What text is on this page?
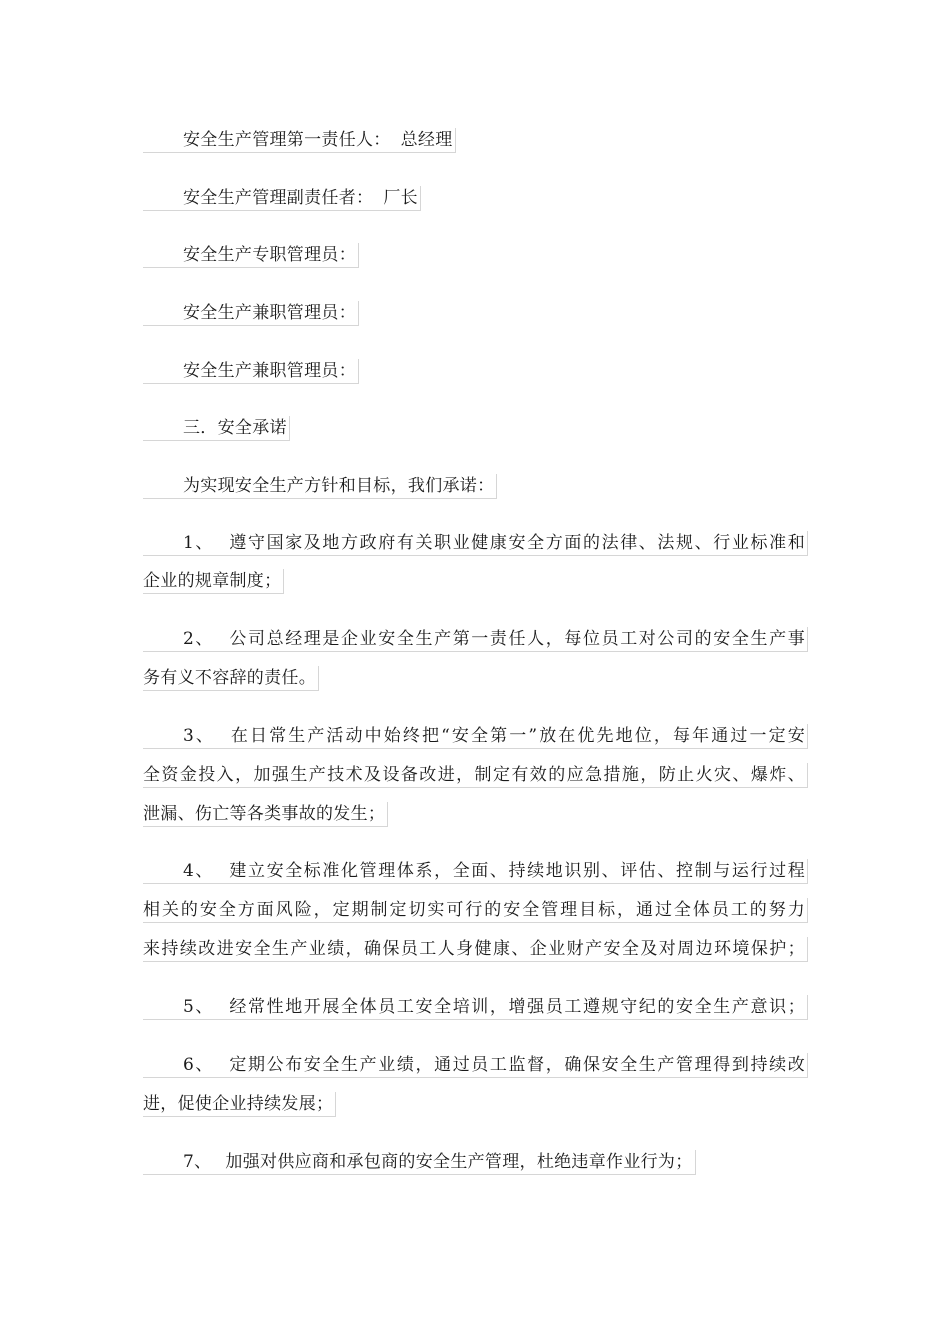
安全生产管理第一责任人： 总经理
安全生产管理副责任者： 厂长
安全生产专职管理员：
安全生产兼职管理员：
安全生产兼职管理员：
三．安全承诺
为实现安全生产方针和目标，我们承诺：
1、 遵守国家及地方政府有关职业健康安全方面的法律、法规、行业标准和
企业的规章制度；
2、 公司总经理是企业安全生产第一责任人，每位员工对公司的安全生产事
务有义不容辞的责任。
3、 在日常生产活动中始终把“安全第一”放在优先地位，每年通过一定安
全资金投入，加强生产技术及设备改进，制定有效的应急措施，防止火灾、爆炸、
泄漏、伤亡等各类事故的发生；
4、 建立安全标准化管理体系，全面、持续地识别、评估、控制与运行过程
相关的安全方面风险，定期制定切实可行的安全管理目标，通过全体员工的努力
来持续改进安全生产业绩，确保员工人身健康、企业财产安全及对周边环境保护；
5、 经常性地开展全体员工安全培训，增强员工遵规守纪的安全生产意识；
6、 定期公布安全生产业绩，通过员工监督，确保安全生产管理得到持续改
进，促使企业持续发展；
7、 加强对供应商和承包商的安全生产管理，杜绝违章作业行为；
